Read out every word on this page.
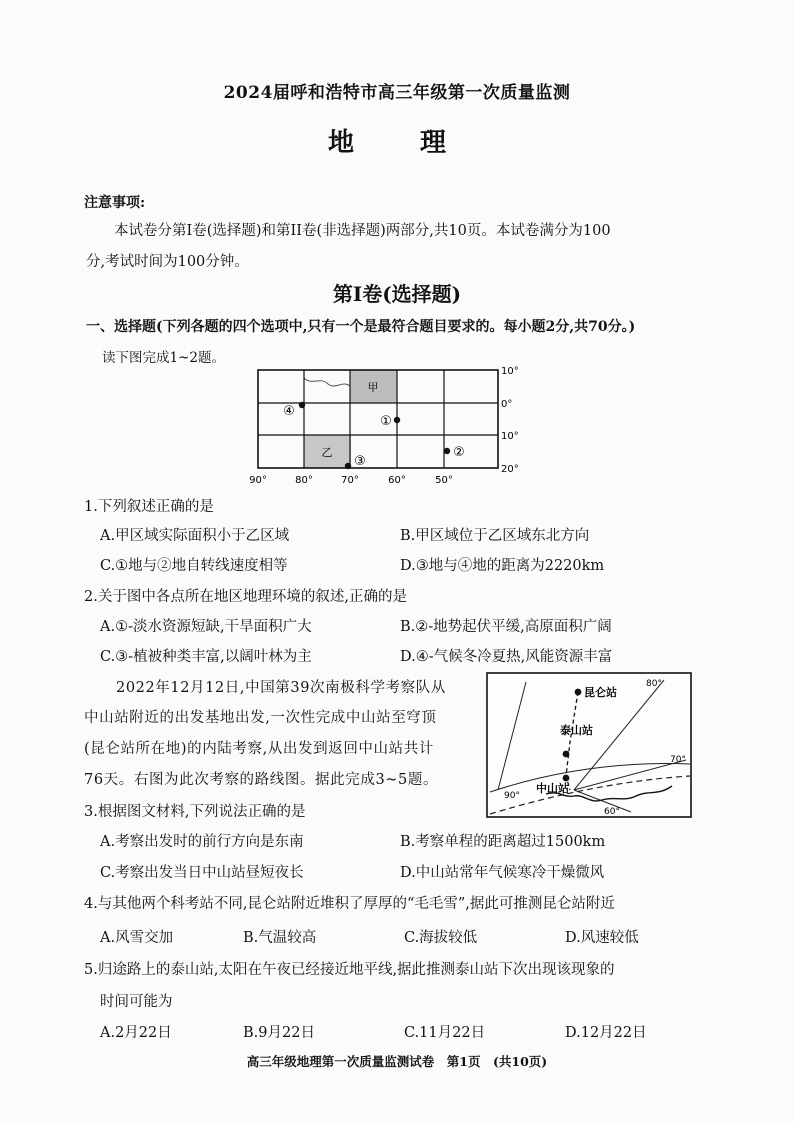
2024届呼和浩特市高三年级第一次质量监测
地　理
注意事项:
本试卷分第I卷(选择题)和第II卷(非选择题)两部分,共10页。本试卷满分为100
分,考试时间为100分钟。
第I卷(选择题)
一、选择题(下列各题的四个选项中,只有一个是最符合题目要求的。每小题2分,共70分。)
读下图完成1~2题。
甲
乙
①
②
③
④
10°
0°
10°
20°
90°	80°	70°	60°	50°
1.下列叙述正确的是
A.甲区域实际面积小于乙区域	B.甲区域位于乙区域东北方向
C.①地与②地自转线速度相等	D.③地与④地的距离为2220km
2.关于图中各点所在地区地理环境的叙述,正确的是
A.①-淡水资源短缺,干旱面积广大	B.②-地势起伏平缓,高原面积广阔
C.③-植被种类丰富,以阔叶林为主	D.④-气候冬冷夏热,风能资源丰富
2022年12月12日,中国第39次南极科学考察队从
中山站附近的出发基地出发,一次性完成中山站至穹顶
(昆仑站所在地)的内陆考察,从出发到返回中山站共计
76天。右图为此次考察的路线图。据此完成3~5题。
昆仑站
泰山站
中山站
80°
70°
90°
60°
3.根据图文材料,下列说法正确的是
A.考察出发时的前行方向是东南	B.考察单程的距离超过1500km
C.考察出发当日中山站昼短夜长	D.中山站常年气候寒冷干燥微风
4.与其他两个科考站不同,昆仑站附近堆积了厚厚的“毛毛雪”,据此可推测昆仑站附近
A.风雪交加	B.气温较高	C.海拔较低	D.风速较低
5.归途路上的泰山站,太阳在午夜已经接近地平线,据此推测泰山站下次出现该现象的
时间可能为
A.2月22日	B.9月22日	C.11月22日	D.12月22日
高三年级地理第一次质量监测试卷　第1页　(共10页)
